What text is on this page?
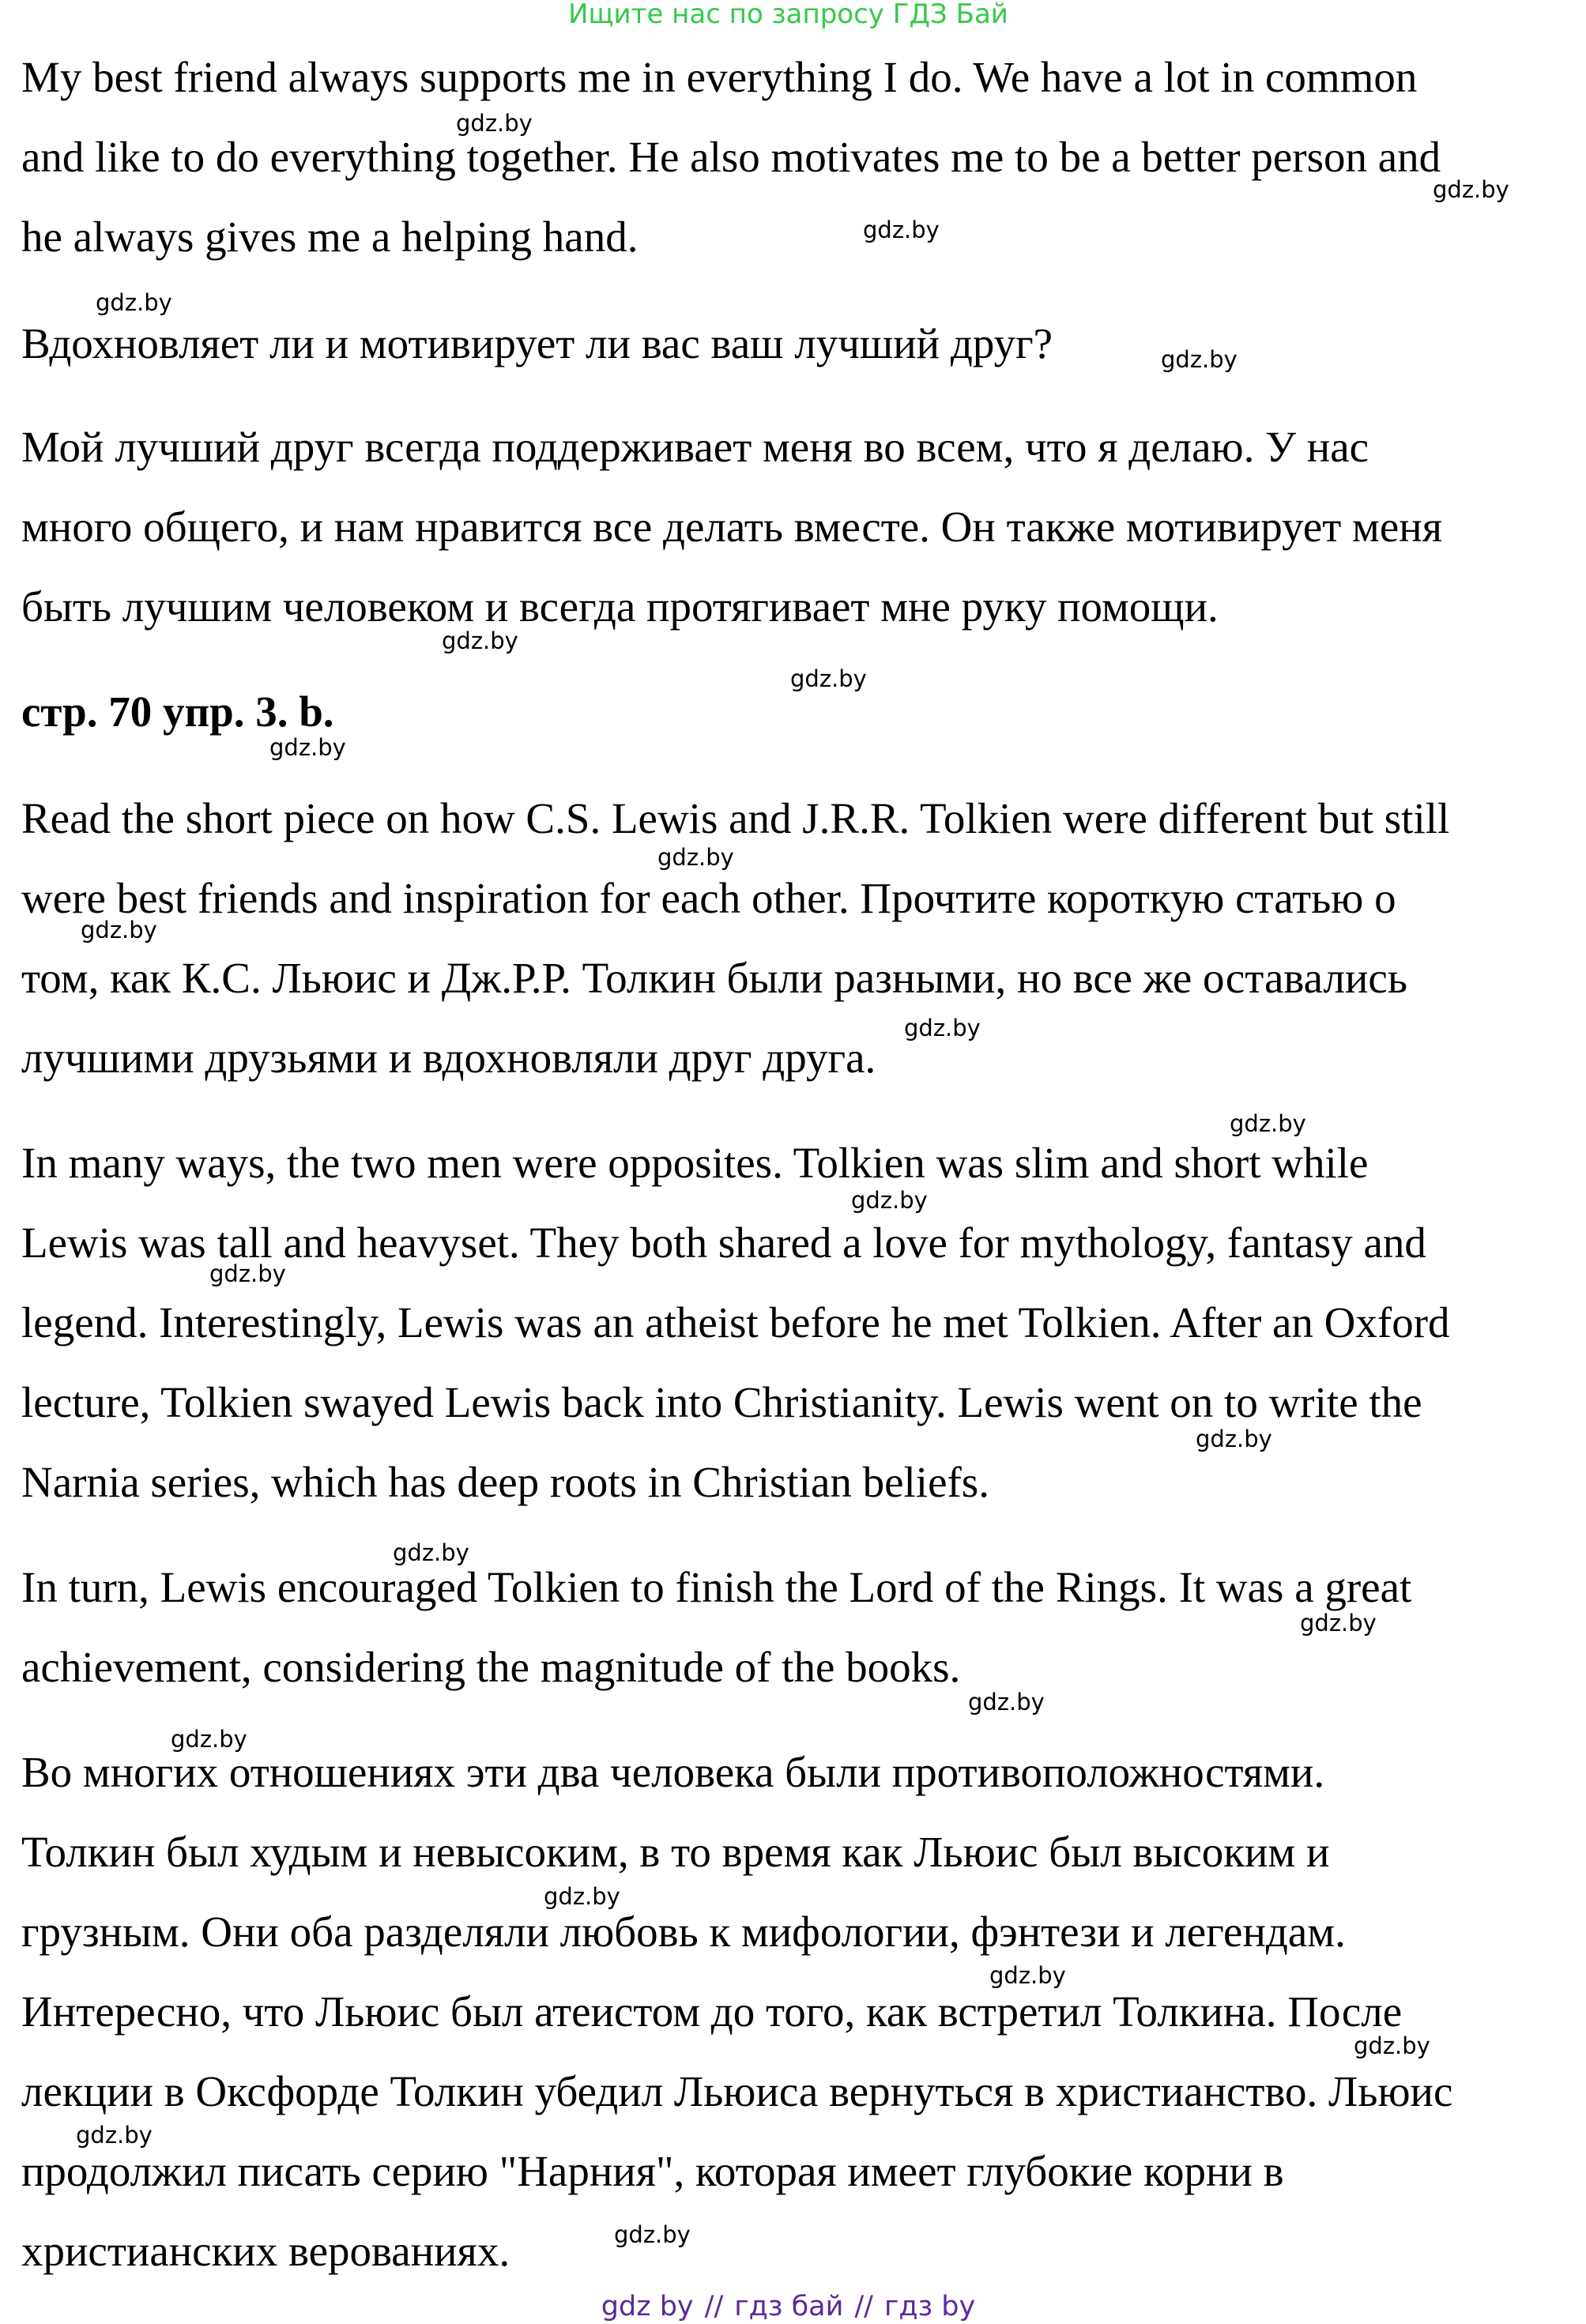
Ищите нас по запросу ГДЗ Бай
My best friend always supports me in everything I do. We have a lot in common
and like to do everything together. He also motivates me to be a better person and
he always gives me a helping hand.
Вдохновляет ли и мотивирует ли вас ваш лучший друг?
Мой лучший друг всегда поддерживает меня во всем, что я делаю. У нас
много общего, и нам нравится все делать вместе. Он также мотивирует меня
быть лучшим человеком и всегда протягивает мне руку помощи.
стр. 70 упр. 3. b.
Read the short piece on how C.S. Lewis and J.R.R. Tolkien were different but still
were best friends and inspiration for each other. Прочтите короткую статью о
том, как К.С. Льюис и Дж.Р.Р. Толкин были разными, но все же оставались
лучшими друзьями и вдохновляли друг друга.
In many ways, the two men were opposites. Tolkien was slim and short while
Lewis was tall and heavyset. They both shared a love for mythology, fantasy and
legend. Interestingly, Lewis was an atheist before he met Tolkien. After an Oxford
lecture, Tolkien swayed Lewis back into Christianity. Lewis went on to write the
Narnia series, which has deep roots in Christian beliefs.
In turn, Lewis encouraged Tolkien to finish the Lord of the Rings. It was a great
achievement, considering the magnitude of the books.
Во многих отношениях эти два человека были противоположностями.
Толкин был худым и невысоким, в то время как Льюис был высоким и
грузным. Они оба разделяли любовь к мифологии, фэнтези и легендам.
Интересно, что Льюис был атеистом до того, как встретил Толкина. После
лекции в Оксфорде Толкин убедил Льюиса вернуться в христианство. Льюис
продолжил писать серию "Нарния", которая имеет глубокие корни в
христианских верованиях.
gdz.by
gdz.by
gdz.by
gdz.by
gdz.by
gdz.by
gdz.by
gdz.by
gdz.by
gdz.by
gdz.by
gdz.by
gdz.by
gdz.by
gdz.by
gdz.by
gdz.by
gdz.by
gdz.by
gdz.by
gdz.by
gdz.by
gdz.by
gdz.by
gdz by // гдз бай // гдз by
